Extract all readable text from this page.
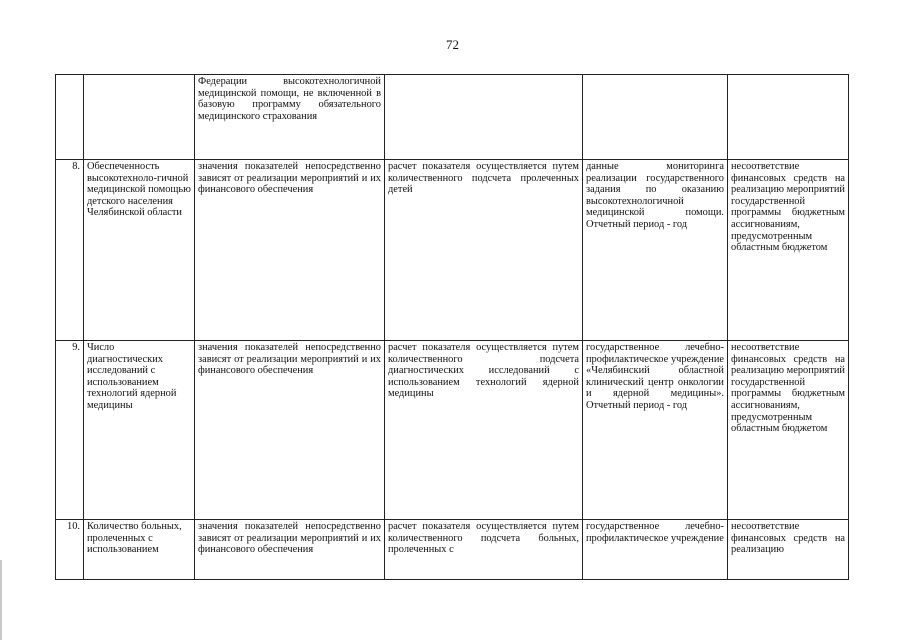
72
		Федерации высокотехнологичной медицинской помощи, не включенной в базовую программу обязательного медицинского страхования			
8.	Обеспеченность высокотехноло-гичной медицинской помощью детского населения Челябинской области	значения показателей непосредственно зависят от реализации мероприятий и их финансового обеспечения	расчет показателя осуществляется путем количественного подсчета пролеченных детей	данные мониторинга реализации государственного задания по оказанию высокотехнологичной медицинской помощи. Отчетный период - год	несоответствие финансовых средств на реализацию мероприятий государственной программы бюджетным ассигнованиям, предусмотренным областным бюджетом
9.	Число диагностических исследований с использованием технологий ядерной медицины	значения показателей непосредственно зависят от реализации мероприятий и их финансового обеспечения	расчет показателя осуществляется путем количественного подсчета диагностических исследований с использованием технологий ядерной медицины	государственное лечебно-профилактическое учреждение «Челябинский областной клинический центр онкологии и ядерной медицины». Отчетный период - год	несоответствие финансовых средств на реализацию мероприятий государственной программы бюджетным ассигнованиям, предусмотренным областным бюджетом
10.	Количество больных, пролеченных с использованием	значения показателей непосредственно зависят от реализации мероприятий и их финансового обеспечения	расчет показателя осуществляется путем количественного подсчета больных, пролеченных с	государственное лечебно-профилактическое учреждение	несоответствие финансовых средств на реализацию
